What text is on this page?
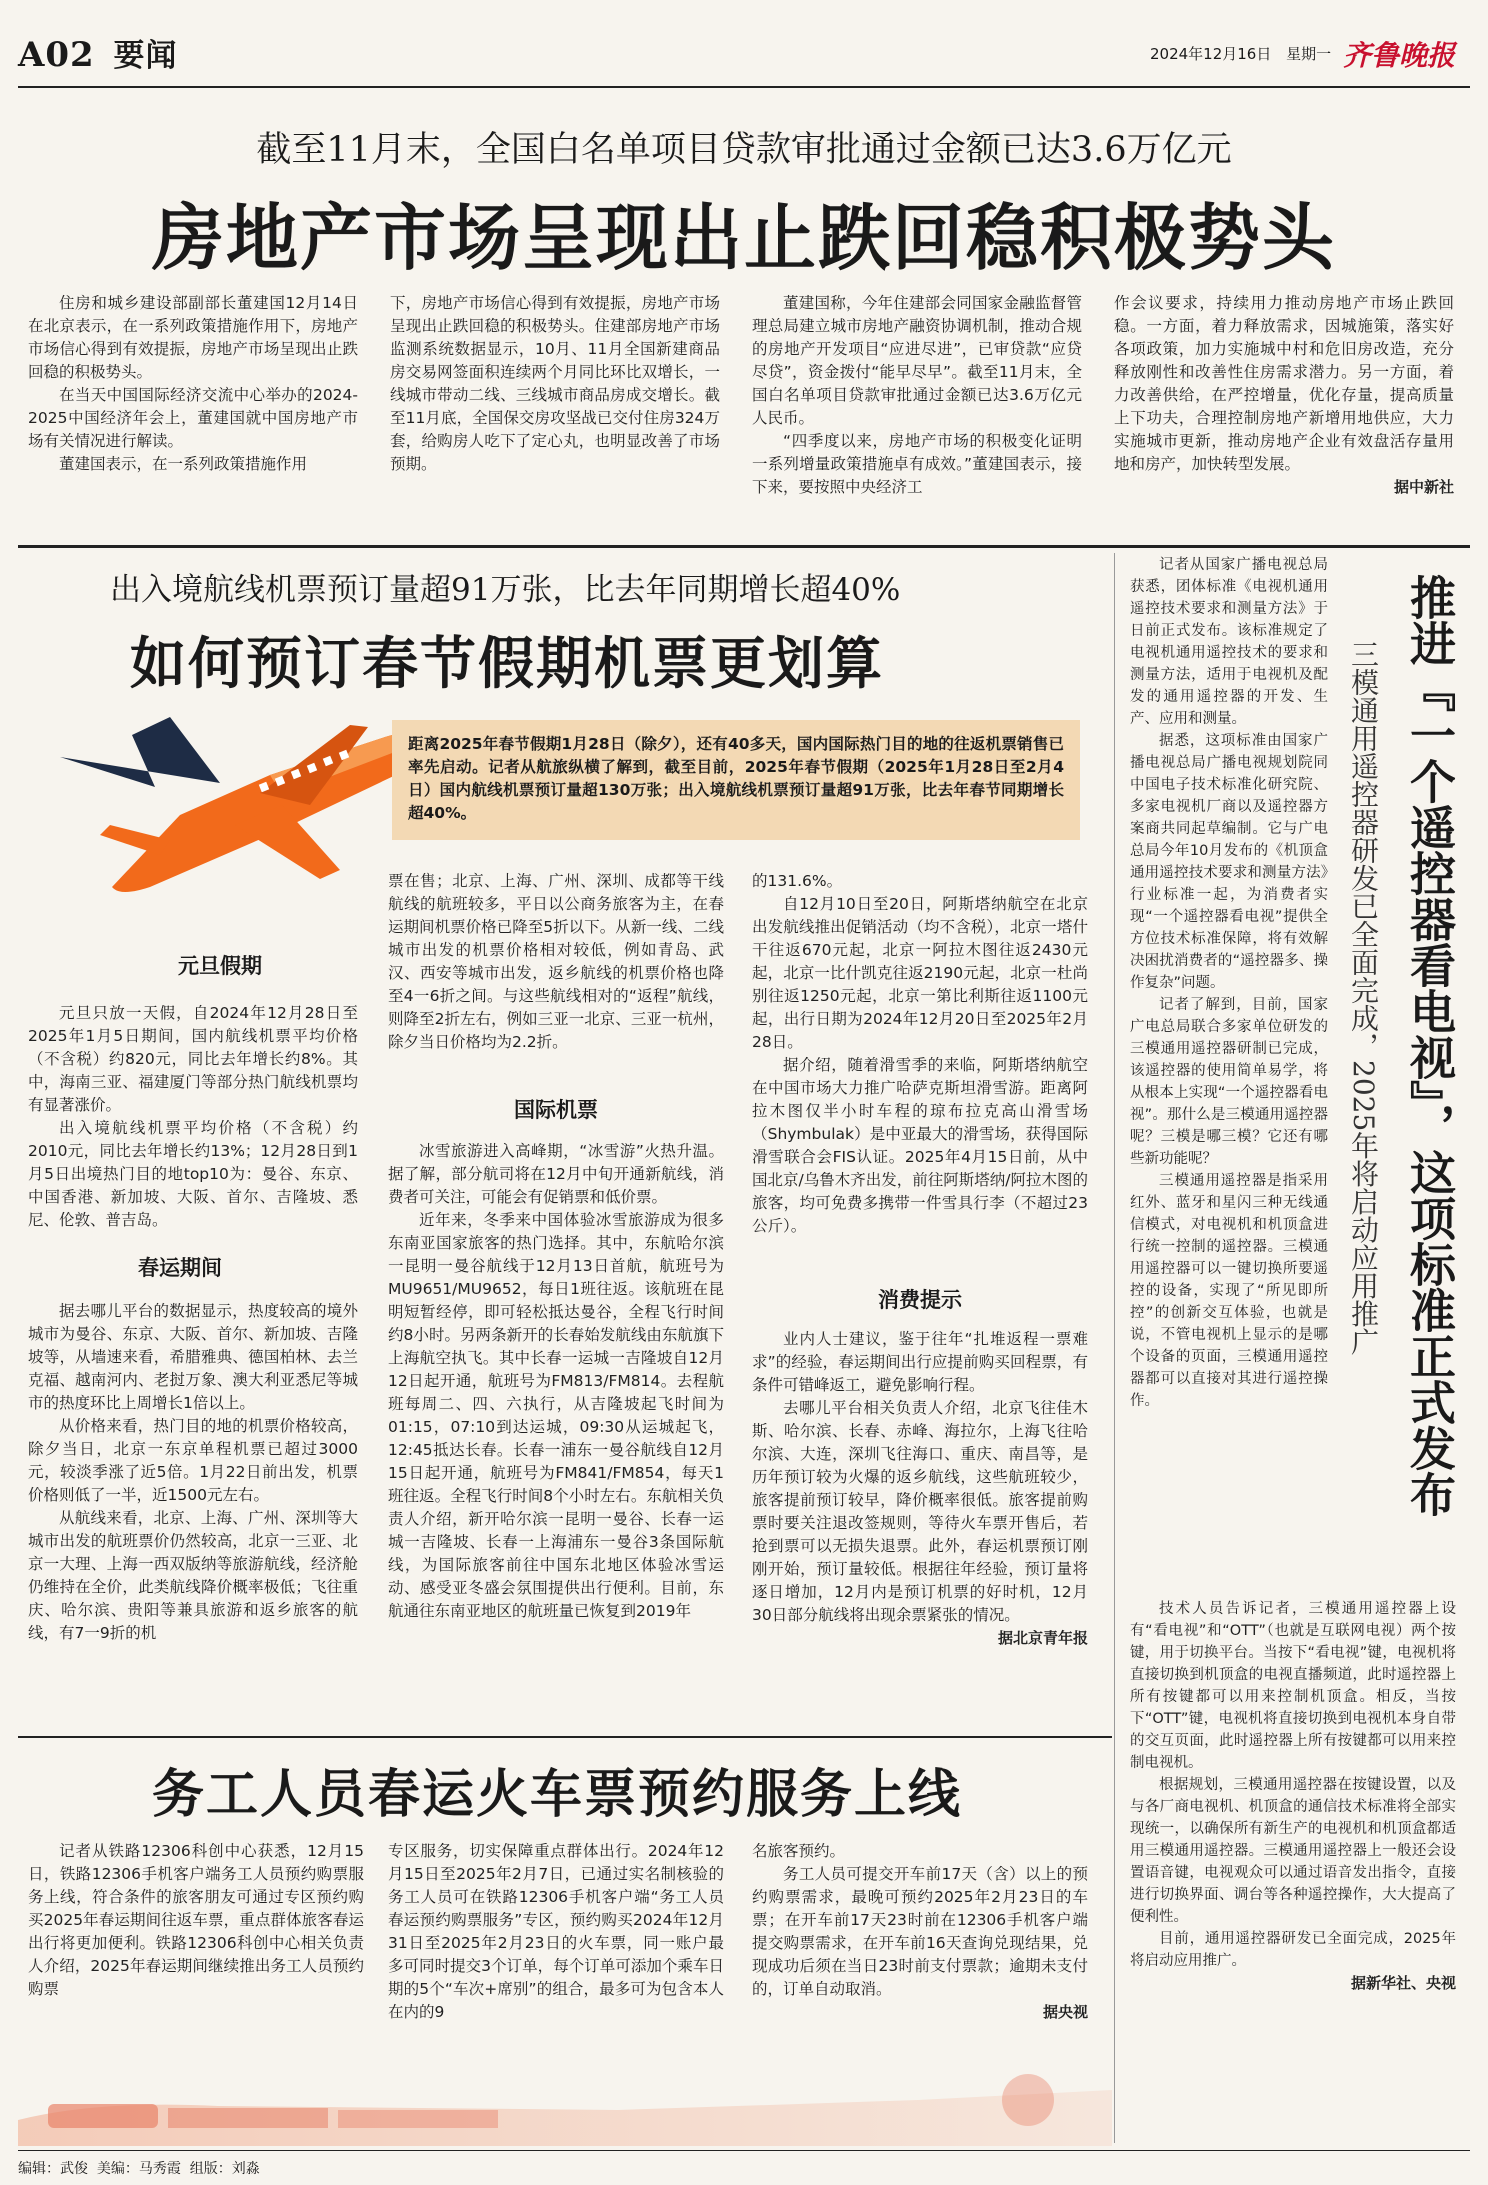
A02 要闻	2024年12月16日 星期一 齐鲁晚报
截至11月末，全国白名单项目贷款审批通过金额已达3.6万亿元
房地产市场呈现出止跌回稳积极势头

住房和城乡建设部副部长董建国12月14日在北京表示，在一系列政策措施作用下，房地产市场信心得到有效提振，房地产市场呈现出止跌回稳的积极势头。

在当天中国国际经济交流中心举办的2024-2025中国经济年会上，董建国就中国房地产市场有关情况进行解读。

董建国表示，在一系列政策措施作用

下，房地产市场信心得到有效提振，房地产市场呈现出止跌回稳的积极势头。住建部房地产市场监测系统数据显示，10月、11月全国新建商品房交易网签面积连续两个月同比环比双增长，一线城市带动二线、三线城市商品房成交增长。截至11月底，全国保交房攻坚战已交付住房324万套，给购房人吃下了定心丸，也明显改善了市场预期。

董建国称，今年住建部会同国家金融监督管理总局建立城市房地产融资协调机制，推动合规的房地产开发项目“应进尽进”，已审贷款“应贷尽贷”，资金拨付“能早尽早”。截至11月末，全国白名单项目贷款审批通过金额已达3.6万亿元人民币。

“四季度以来，房地产市场的积极变化证明一系列增量政策措施卓有成效。”董建国表示，接下来，要按照中央经济工

作会议要求，持续用力推动房地产市场止跌回稳。一方面，着力释放需求，因城施策，落实好各项政策，加力实施城中村和危旧房改造，充分释放刚性和改善性住房需求潜力。另一方面，着力改善供给，在严控增量，优化存量，提高质量上下功夫，合理控制房地产新增用地供应，大力实施城市更新，推动房地产企业有效盘活存量用地和房产，加快转型发展。

据中新社
出入境航线机票预订量超91万张，比去年同期增长超40%
如何预订春节假期机票更划算
距离2025年春节假期1月28日（除夕），还有40多天，国内国际热门目的地的往返机票销售已率先启动。记者从航旅纵横了解到，截至目前，2025年春节假期（2025年1月28日至2月4日）国内航线机票预订量超130万张；出入境航线机票预订量超91万张，比去年春节同期增长超40%。
元旦假期

元旦只放一天假，自2024年12月28日至2025年1月5日期间，国内航线机票平均价格（不含税）约820元，同比去年增长约8%。其中，海南三亚、福建厦门等部分热门航线机票均有显著涨价。

出入境航线机票平均价格（不含税）约2010元，同比去年增长约13%；12月28日到1月5日出境热门目的地top10为：曼谷、东京、中国香港、新加坡、大阪、首尔、吉隆坡、悉尼、伦敦、普吉岛。

春运期间

据去哪儿平台的数据显示，热度较高的境外城市为曼谷、东京、大阪、首尔、新加坡、吉隆坡等，从墙速来看，希腊雅典、德国柏林、去兰克福、越南河内、老挝万象、澳大利亚悉尼等城市的热度环比上周增长1倍以上。

从价格来看，热门目的地的机票价格较高，除夕当日，北京一东京单程机票已超过3000元，较淡季涨了近5倍。1月22日前出发，机票价格则低了一半，近1500元左右。

从航线来看，北京、上海、广州、深圳等大城市出发的航班票价仍然较高，北京一三亚、北京一大理、上海一西双版纳等旅游航线，经济舱仍维持在全价，此类航线降价概率极低；飞往重庆、哈尔滨、贵阳等兼具旅游和返乡旅客的航线，有7一9折的机

票在售；北京、上海、广州、深圳、成都等干线航线的航班较多，平日以公商务旅客为主，在春运期间机票价格已降至5折以下。从新一线、二线城市出发的机票价格相对较低，例如青岛、武汉、西安等城市出发，返乡航线的机票价格也降至4一6折之间。与这些航线相对的“返程”航线，则降至2折左右，例如三亚一北京、三亚一杭州，除夕当日价格均为2.2折。

国际机票

冰雪旅游进入高峰期，“冰雪游”火热升温。据了解，部分航司将在12月中旬开通新航线，消费者可关注，可能会有促销票和低价票。

近年来，冬季来中国体验冰雪旅游成为很多东南亚国家旅客的热门选择。其中，东航哈尔滨一昆明一曼谷航线于12月13日首航，航班号为MU9651/MU9652，每日1班往返。该航班在昆明短暂经停，即可轻松抵达曼谷，全程飞行时间约8小时。另两条新开的长春始发航线由东航旗下上海航空执飞。其中长春一运城一吉隆坡自12月12日起开通，航班号为FM813/FM814。去程航班每周二、四、六执行，从吉隆坡起飞时间为01:15，07:10到达运城，09:30从运城起飞，12:45抵达长春。长春一浦东一曼谷航线自12月15日起开通，航班号为FM841/FM854，每天1班往返。全程飞行时间8个小时左右。东航相关负责人介绍，新开哈尔滨一昆明一曼谷、长春一运城一吉隆坡、长春一上海浦东一曼谷3条国际航线，为国际旅客前往中国东北地区体验冰雪运动、感受亚冬盛会氛围提供出行便利。目前，东航通往东南亚地区的航班量已恢复到2019年

的131.6%。

自12月10日至20日，阿斯塔纳航空在北京出发航线推出促销活动（均不含税），北京一塔什干往返670元起，北京一阿拉木图往返2430元起，北京一比什凯克往返2190元起，北京一杜尚别往返1250元起，北京一第比利斯往返1100元起，出行日期为2024年12月20日至2025年2月28日。

据介绍，随着滑雪季的来临，阿斯塔纳航空在中国市场大力推广哈萨克斯坦滑雪游。距离阿拉木图仅半小时车程的琼布拉克高山滑雪场（Shymbulak）是中亚最大的滑雪场，获得国际滑雪联合会FIS认证。2025年4月15日前，从中国北京/乌鲁木齐出发，前往阿斯塔纳/阿拉木图的旅客，均可免费多携带一件雪具行李（不超过23公斤）。

消费提示

业内人士建议，鉴于往年“扎堆返程一票难求”的经验，春运期间出行应提前购买回程票，有条件可错峰返工，避免影响行程。

去哪儿平台相关负责人介绍，北京飞往佳木斯、哈尔滨、长春、赤峰、海拉尔，上海飞往哈尔滨、大连，深圳飞往海口、重庆、南昌等，是历年预订较为火爆的返乡航线，这些航班较少，旅客提前预订较早，降价概率很低。旅客提前购票时要关注退改签规则，等待火车票开售后，若抢到票可以无损失退票。此外，春运机票预订刚刚开始，预订量较低。根据往年经验，预订量将逐日增加，12月内是预订机票的好时机，12月30日部分航线将出现余票紧张的情况。

据北京青年报
推进『一个遥控器看电视』，这项标准正式发布
三模通用遥控器研发已全面完成，2025年将启动应用推广

记者从国家广播电视总局获悉，团体标准《电视机通用遥控技术要求和测量方法》于日前正式发布。该标准规定了电视机通用遥控技术的要求和测量方法，适用于电视机及配发的通用遥控器的开发、生产、应用和测量。

据悉，这项标准由国家广播电视总局广播电视规划院同中国电子技术标准化研究院、多家电视机厂商以及遥控器方案商共同起草编制。它与广电总局今年10月发布的《机顶盒通用遥控技术要求和测量方法》行业标准一起，为消费者实现“一个遥控器看电视”提供全方位技术标准保障，将有效解决困扰消费者的“遥控器多、操作复杂”问题。

记者了解到，目前，国家广电总局联合多家单位研发的三模通用遥控器研制已完成，该遥控器的使用简单易学，将从根本上实现“一个遥控器看电视”。那什么是三模通用遥控器呢？三模是哪三模？它还有哪些新功能呢？

三模通用遥控器是指采用红外、蓝牙和星闪三种无线通信模式，对电视机和机顶盒进行统一控制的遥控器。三模通用遥控器可以一键切换所要遥控的设备，实现了“所见即所控”的创新交互体验，也就是说，不管电视机上显示的是哪个设备的页面，三模通用遥控器都可以直接对其进行遥控操作。

技术人员告诉记者，三模通用遥控器上设有“看电视”和“OTT”（也就是互联网电视）两个按键，用于切换平台。当按下“看电视”键，电视机将直接切换到机顶盒的电视直播频道，此时遥控器上所有按键都可以用来控制机顶盒。相反，当按下“OTT”键，电视机将直接切换到电视机本身自带的交互页面，此时遥控器上所有按键都可以用来控制电视机。

根据规划，三模通用遥控器在按键设置，以及与各厂商电视机、机顶盒的通信技术标准将全部实现统一，以确保所有新生产的电视机和机顶盒都适用三模通用遥控器。三模通用遥控器上一般还会设置语音键，电视观众可以通过语音发出指令，直接进行切换界面、调台等各种遥控操作，大大提高了便利性。

目前，通用遥控器研发已全面完成，2025年将启动应用推广。

据新华社、央视
务工人员春运火车票预约服务上线

记者从铁路12306科创中心获悉，12月15日，铁路12306手机客户端务工人员预约购票服务上线，符合条件的旅客朋友可通过专区预约购买2025年春运期间往返车票，重点群体旅客春运出行将更加便利。铁路12306科创中心相关负责人介绍，2025年春运期间继续推出务工人员预约购票

专区服务，切实保障重点群体出行。2024年12月15日至2025年2月7日，已通过实名制核验的务工人员可在铁路12306手机客户端“务工人员春运预约购票服务”专区，预约购买2024年12月31日至2025年2月23日的火车票，同一账户最多可同时提交3个订单，每个订单可添加个乘车日期的5个“车次+席别”的组合，最多可为包含本人在内的9

名旅客预约。

务工人员可提交开车前17天（含）以上的预约购票需求，最晚可预约2025年2月23日的车票；在开车前17天23时前在12306手机客户端提交购票需求，在开车前16天查询兑现结果，兑现成功后须在当日23时前支付票款；逾期未支付的，订单自动取消。

据央视
编辑：武俊  美编：马秀霞  组版：刘淼
